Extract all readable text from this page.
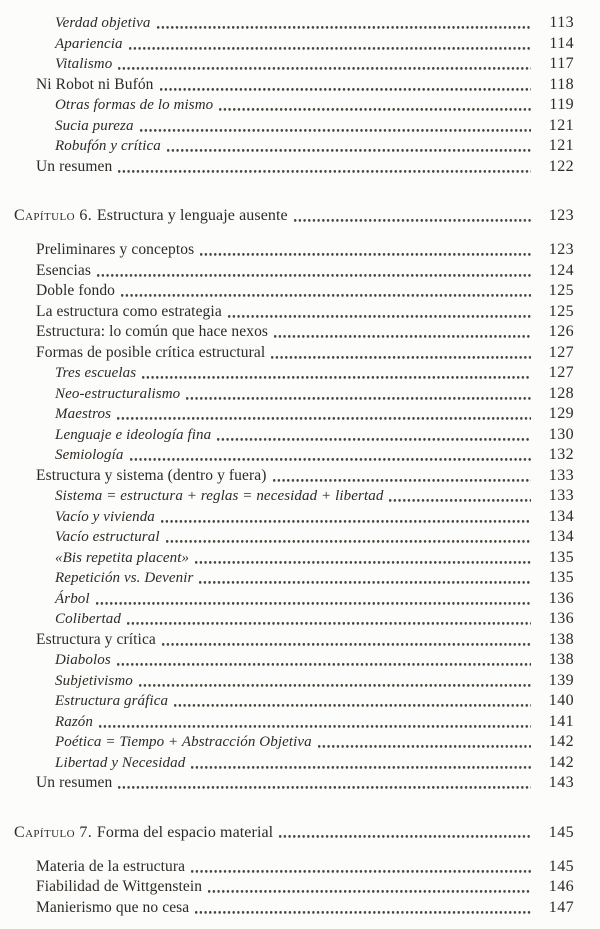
Verdad objetiva	113
Apariencia	114
Vitalismo	117
Ni Robot ni Bufón	118
Otras formas de lo mismo	119
Sucia pureza	121
Robufón y crítica	121
Un resumen	122
Capítulo 6. Estructura y lenguaje ausente	123
Preliminares y conceptos	123
Esencias	124
Doble fondo	125
La estructura como estrategia	125
Estructura: lo común que hace nexos	126
Formas de posible crítica estructural	127
Tres escuelas	127
Neo-estructuralismo	128
Maestros	129
Lenguaje e ideología fina	130
Semiología	132
Estructura y sistema (dentro y fuera)	133
Sistema = estructura + reglas = necesidad + libertad	133
Vacío y vivienda	134
Vacío estructural	134
«Bis repetita placent»	135
Repetición vs. Devenir	135
Árbol	136
Colibertad	136
Estructura y crítica	138
Diabolos	138
Subjetivismo	139
Estructura gráfica	140
Razón	141
Poética = Tiempo + Abstracción Objetiva	142
Libertad y Necesidad	142
Un resumen	143
Capítulo 7. Forma del espacio material	145
Materia de la estructura	145
Fiabilidad de Wittgenstein	146
Manierismo que no cesa	147
